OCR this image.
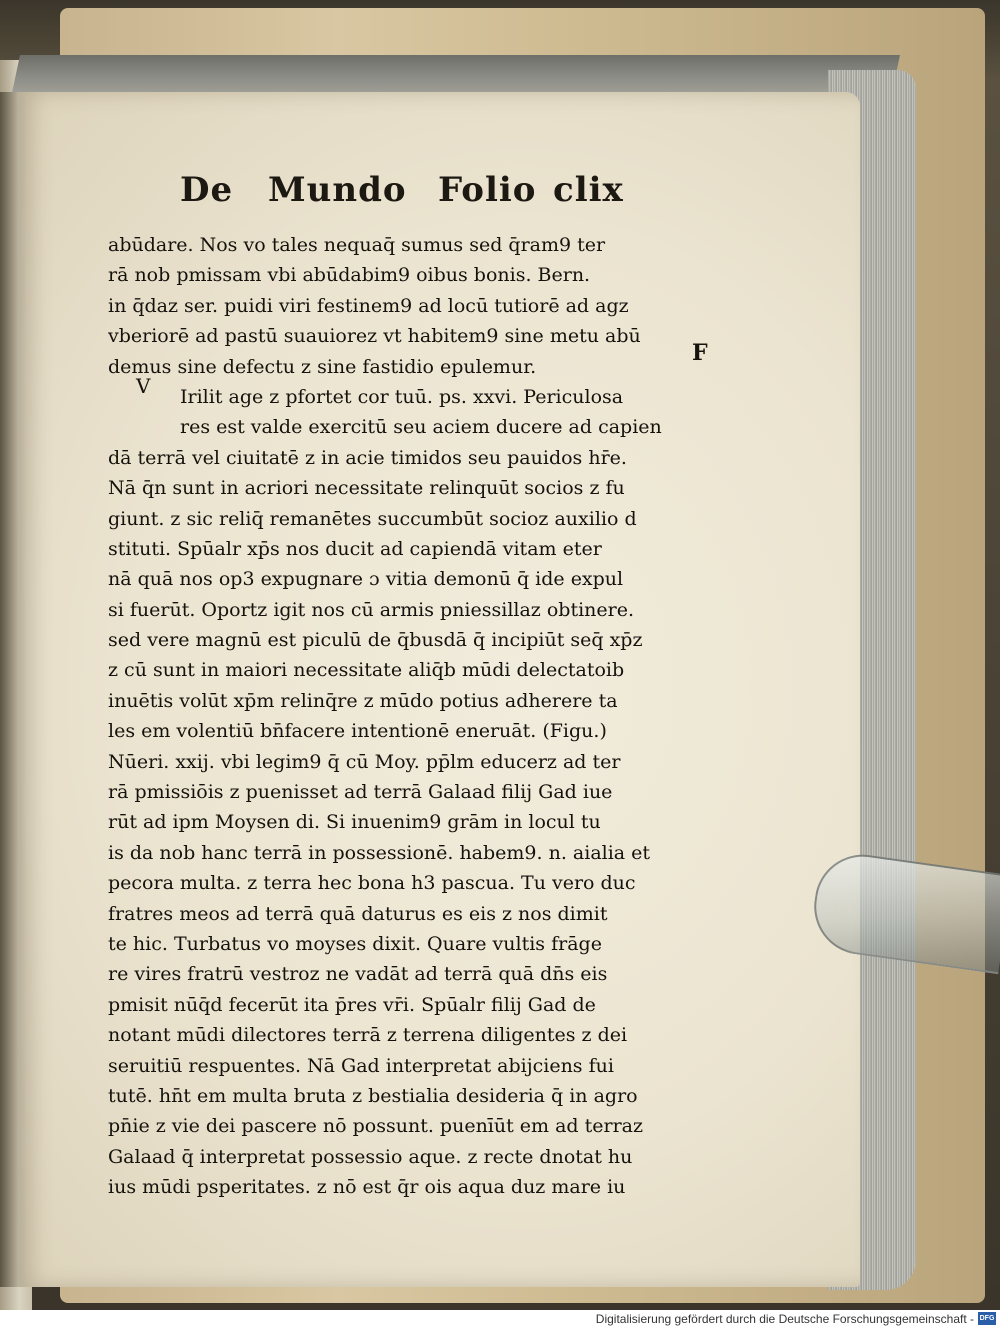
De Mundo Folio clix
F
V
abūdare. Nos vo tales nequaq̄ sumus sed q̄ram9 ter
rā nob pmissam vbi abūdabim9 oibus bonis. Bern.
in q̄daz ser. puidi viri festinem9 ad locū tutiorē ad agz
vberiorē ad pastū suauiorez vt habitem9 sine metu abū
demus sine defectu z sine fastidio epulemur.
Irilit age z pfortet cor tuū. ps. xxvi. Periculosa
res est valde exercitū seu aciem ducere ad capien
dā terrā vel ciuitatē z in acie timidos seu pauidos hr̄e.
Nā q̄n sunt in acriori necessitate relinquūt socios z fu
giunt. z sic reliq̄ remanētes succumbūt socioz auxilio d
stituti. Spūalr xp̄s nos ducit ad capiendā vitam eter
nā quā nos op3 expugnare ɔ vitia demonū q̄ ide expul
si fuerūt. Oportz igit nos cū armis pniessillaz obtinere.
sed vere magnū est piculū de q̄busdā q̄ incipiūt seq̄ xp̄z
z cū sunt in maiori necessitate aliq̄b mūdi delectatoib
inuētis volūt xp̄m relinq̄re z mūdo potius adherere ta
les em volentiū bn̄facere intentionē eneruāt. (Figu.)
Nūeri. xxij. vbi legim9 q̄ cū Moy. pp̄lm educerz ad ter
rā pmissiōis z puenisset ad terrā Galaad filij Gad iue
rūt ad ipm Moysen di. Si inuenim9 grām in locul tu
is da nob hanc terrā in possessionē. habem9. n. aialia et
pecora multa. z terra hec bona h3 pascua. Tu vero duc
fratres meos ad terrā quā daturus es eis z nos dimit
te hic. Turbatus vo moyses dixit. Quare vultis frāge
re vires fratrū vestroz ne vadāt ad terrā quā dn̄s eis
pmisit nūq̄d fecerūt ita p̄res vr̄i. Spūalr filij Gad de
notant mūdi dilectores terrā z terrena diligentes z dei
seruitiū respuentes. Nā Gad interpretat abijciens fui
tutē. hn̄t em multa bruta z bestialia desideria q̄ in agro
pn̄ie z vie dei pascere nō possunt. puenīūt em ad terraz
Galaad q̄ interpretat possessio aque. z recte dnotat hu
ius mūdi psperitates. z nō est q̄r ois aqua duz mare iu
Digitalisierung gefördert durch die Deutsche Forschungsgemeinschaft - DFG
